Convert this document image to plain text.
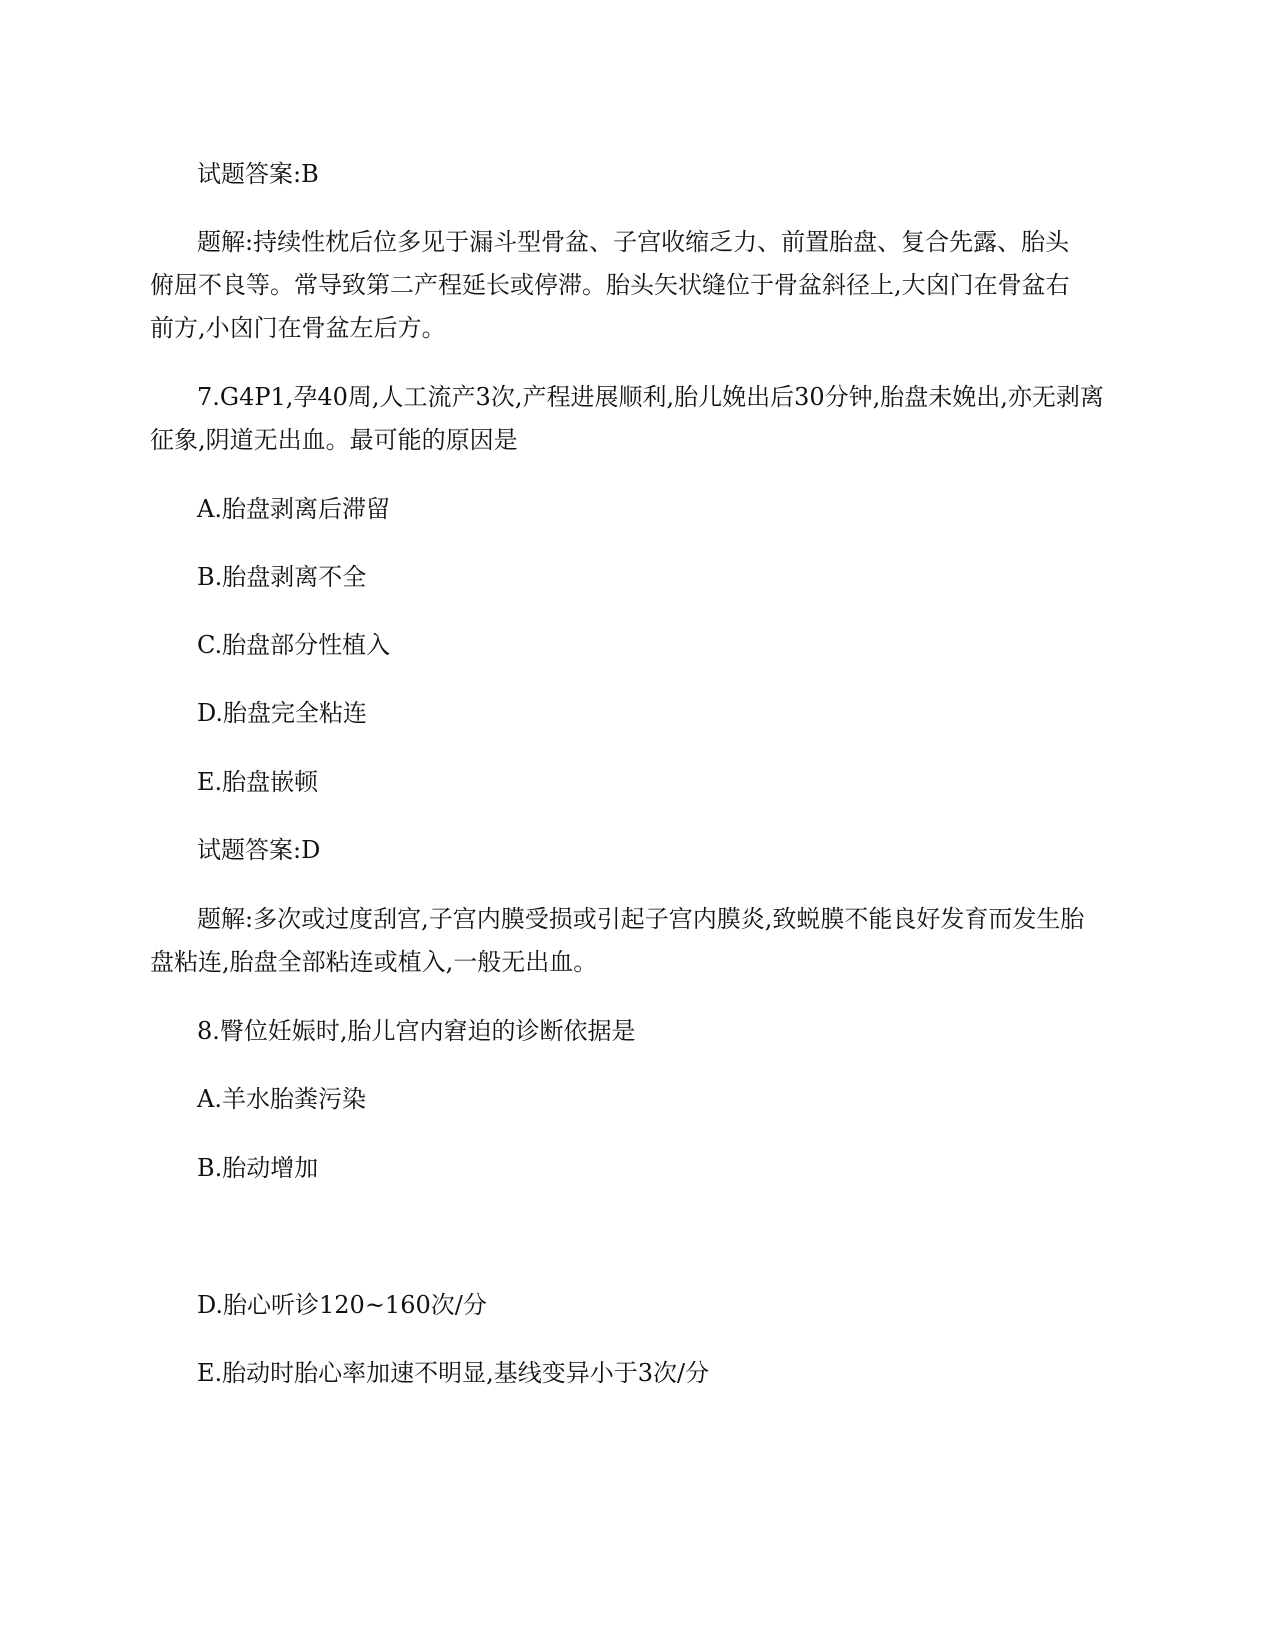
试题答案:B

题解:持续性枕后位多见于漏斗型骨盆、子宫收缩乏力、前置胎盘、复合先露、胎头

俯屈不良等。常导致第二产程延长或停滞。胎头矢状缝位于骨盆斜径上,大囟门在骨盆右

前方,小囟门在骨盆左后方。

7.G4P1,孕40周,人工流产3次,产程进展顺利,胎儿娩出后30分钟,胎盘未娩出,亦无剥离

征象,阴道无出血。最可能的原因是

A.胎盘剥离后滞留

B.胎盘剥离不全

C.胎盘部分性植入

D.胎盘完全粘连

E.胎盘嵌顿

试题答案:D

题解:多次或过度刮宫,子宫内膜受损或引起子宫内膜炎,致蜕膜不能良好发育而发生胎

盘粘连,胎盘全部粘连或植入,一般无出血。

8.臀位妊娠时,胎儿宫内窘迫的诊断依据是

A.羊水胎粪污染

B.胎动增加

D.胎心听诊120~160次/分

E.胎动时胎心率加速不明显,基线变异小于3次/分
